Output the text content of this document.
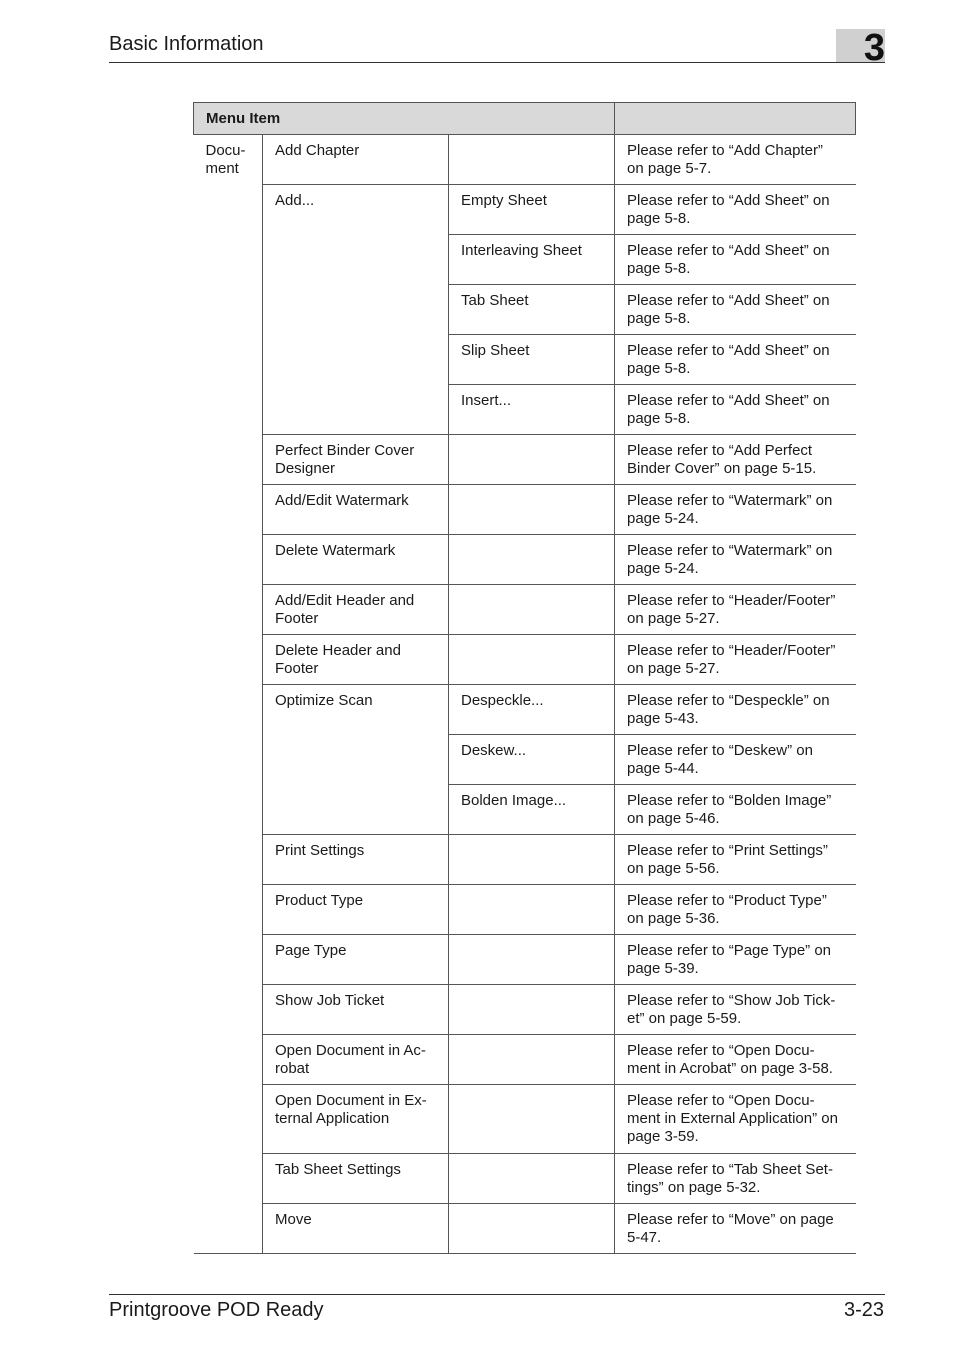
Basic Information	3
Menu Item			
Docu-
ment	Add Chapter		Please refer to “Add Chapter” on page 5-7.
	Add...	Empty Sheet	Please refer to “Add Sheet” on page 5-8.
		Interleaving Sheet	Please refer to “Add Sheet” on page 5-8.
		Tab Sheet	Please refer to “Add Sheet” on page 5-8.
		Slip Sheet	Please refer to “Add Sheet” on page 5-8.
		Insert...	Please refer to “Add Sheet” on page 5-8.
	Perfect Binder Cover Designer		Please refer to “Add Perfect Binder Cover” on page 5-15.
	Add/Edit Watermark		Please refer to “Watermark” on page 5-24.
	Delete Watermark		Please refer to “Watermark” on page 5-24.
	Add/Edit Header and Footer		Please refer to “Header/Footer” on page 5-27.
	Delete Header and Footer		Please refer to “Header/Footer” on page 5-27.
	Optimize Scan	Despeckle...	Please refer to “Despeckle” on page 5-43.
		Deskew...	Please refer to “Deskew” on page 5-44.
		Bolden Image...	Please refer to “Bolden Image” on page 5-46.
	Print Settings		Please refer to “Print Settings” on page 5-56.
	Product Type		Please refer to “Product Type” on page 5-36.
	Page Type		Please refer to “Page Type” on page 5-39.
	Show Job Ticket		Please refer to “Show Job Tick-et” on page 5-59.
	Open Document in Ac-robat		Please refer to “Open Docu-ment in Acrobat” on page 3-58.
	Open Document in Ex-ternal Application		Please refer to “Open Docu-ment in External Application” on page 3-59.
	Tab Sheet Settings		Please refer to “Tab Sheet Set-tings” on page 5-32.
	Move		Please refer to “Move” on page 5-47.
Printgroove POD Ready	3-23
